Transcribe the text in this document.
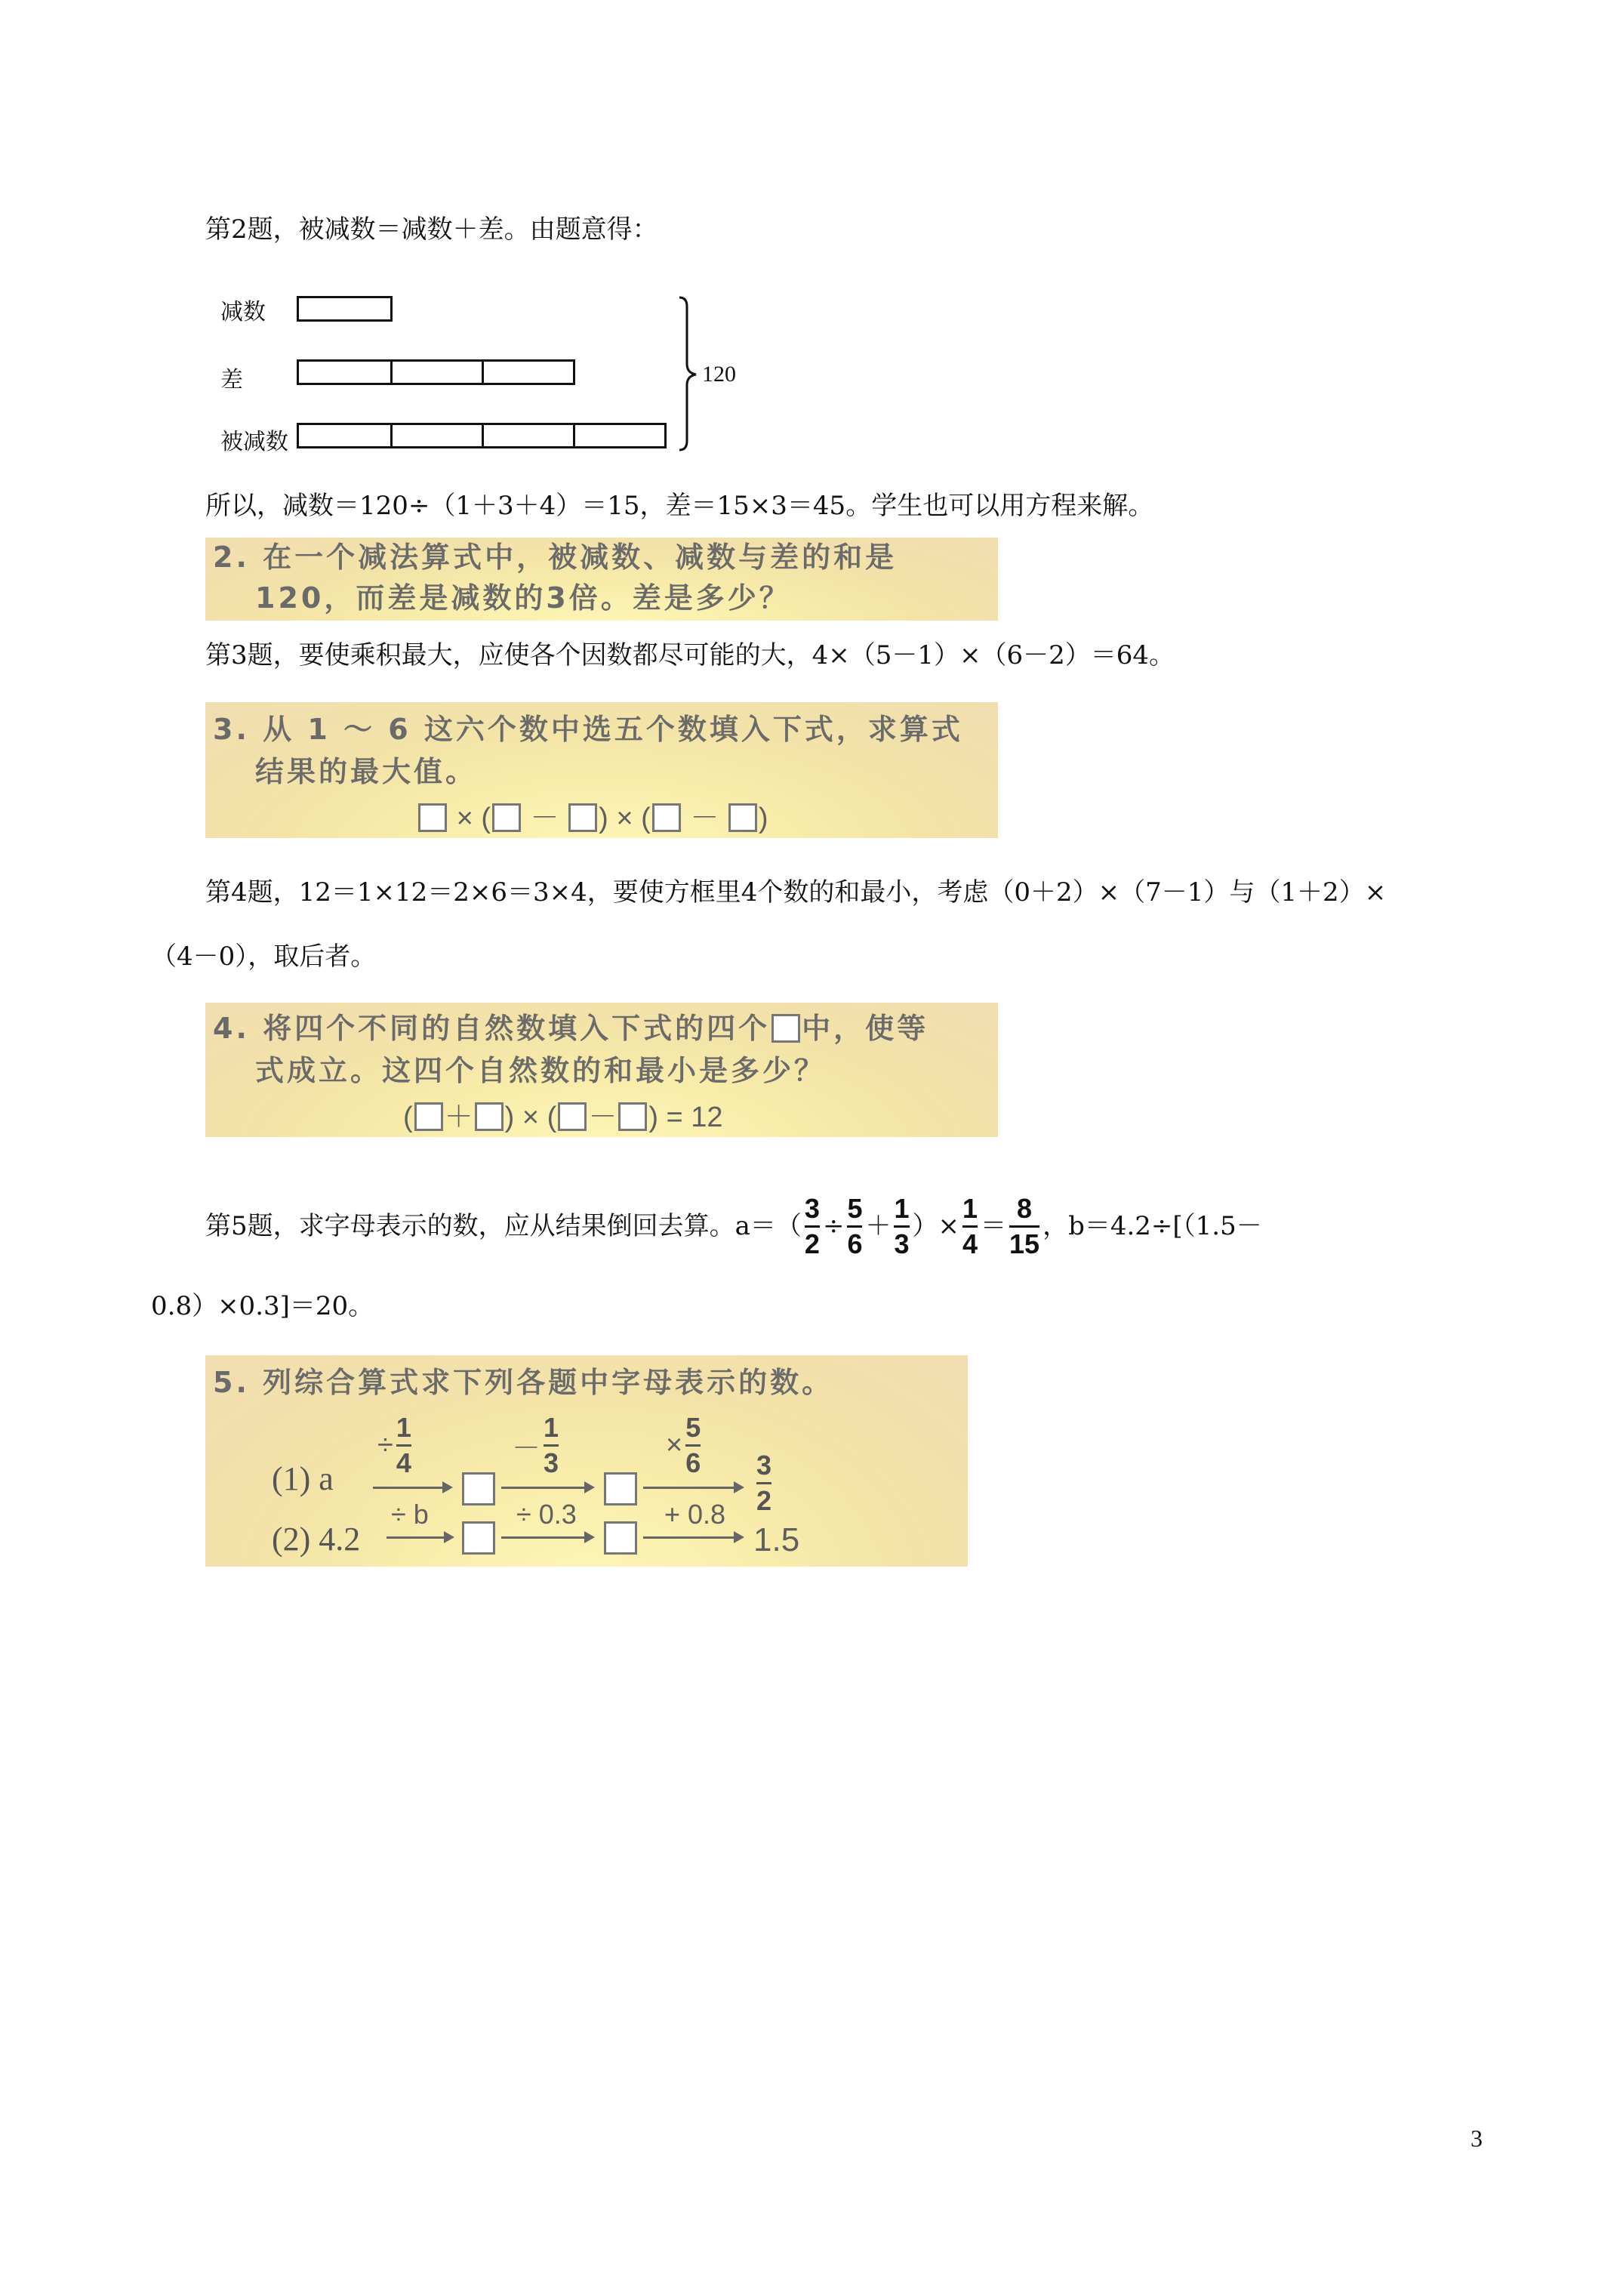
第2题，被减数＝减数＋差。由题意得：
减数
差
被减数
120
所以，减数＝120÷（1＋3＋4）＝15，差＝15×3＝45。学生也可以用方程来解。
2. 在一个减法算式中，被减数、减数与差的和是
120，而差是减数的3倍。差是多少？
第3题，要使乘积最大，应使各个因数都尽可能的大，4×（5－1）×（6－2）＝64。
3. 从 1 ～ 6 这六个数中选五个数填入下式，求算式
结果的最大值。
× ( － ) × ( － )
第4题，12＝1×12＝2×6＝3×4，要使方框里4个数的和最小，考虑（0＋2）×（7－1）与（1＋2）×
（4－0），取后者。
4. 将四个不同的自然数填入下式的四个 中，使等
式成立。这四个自然数的和最小是多少？
( ＋ ) × ( － ) = 12
第5题，求字母表示的数，应从结果倒回去算。$a=( \frac{3}{2} \div \frac{5}{6} + \frac{1}{3}$ ）× $\frac{1}{4} = \frac{8}{15}$ ，b＝4.2÷[（1.5－
0.8）×0.3]＝20。
5. 列综合算式求下列各题中字母表示的数。
(1) a
÷ $\frac{1}{4}$	－ $\frac{1}{3}$	× $\frac{5}{6}$
$\frac{3}{2}$
(2) 4.2
÷ b	÷ 0.3	+ 0.8
1.5
3
